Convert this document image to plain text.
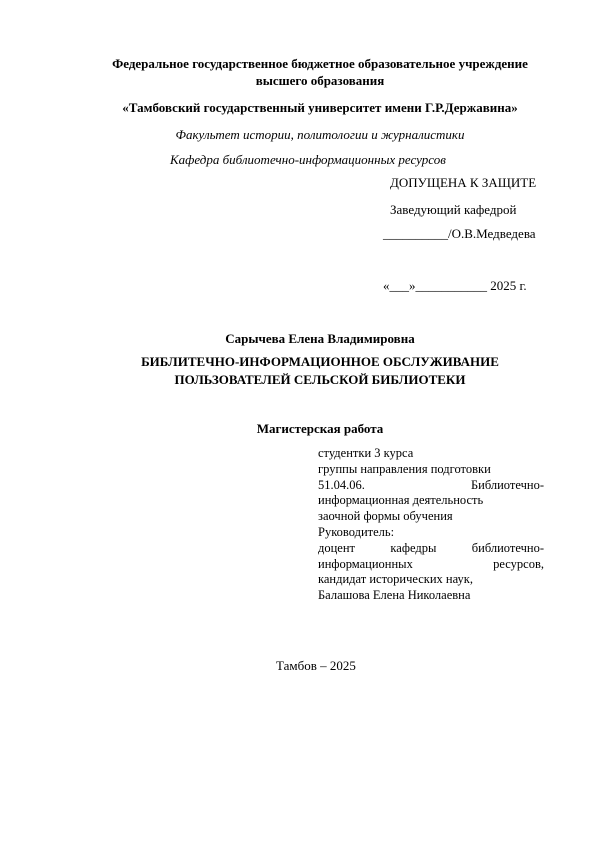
Федеральное государственное бюджетное образовательное учреждение

высшего образования

«Тамбовский государственный университет имени Г.Р.Державина»

Факультет истории, политологии и журналистики

Кафедра библиотечно-информационных ресурсов

ДОПУЩЕНА К ЗАЩИТЕ

Заведующий кафедрой

__________/О.В.Медведева

«___»___________ 2025 г.

Сарычева Елена Владимировна

БИБЛИТЕЧНО-ИНФОРМАЦИОННОЕ ОБСЛУЖИВАНИЕ

ПОЛЬЗОВАТЕЛЕЙ СЕЛЬСКОЙ БИБЛИОТЕКИ

Магистерская работа

студентки 3 курса
группы направления подготовки
51.04.06.	Библиотечно-
информационная деятельность
заочной формы обучения
Руководитель:
доцент	кафедры	библиотечно-
информационных	ресурсов,
кандидат исторических наук,
Балашова Елена Николаевна

Тамбов – 2025
